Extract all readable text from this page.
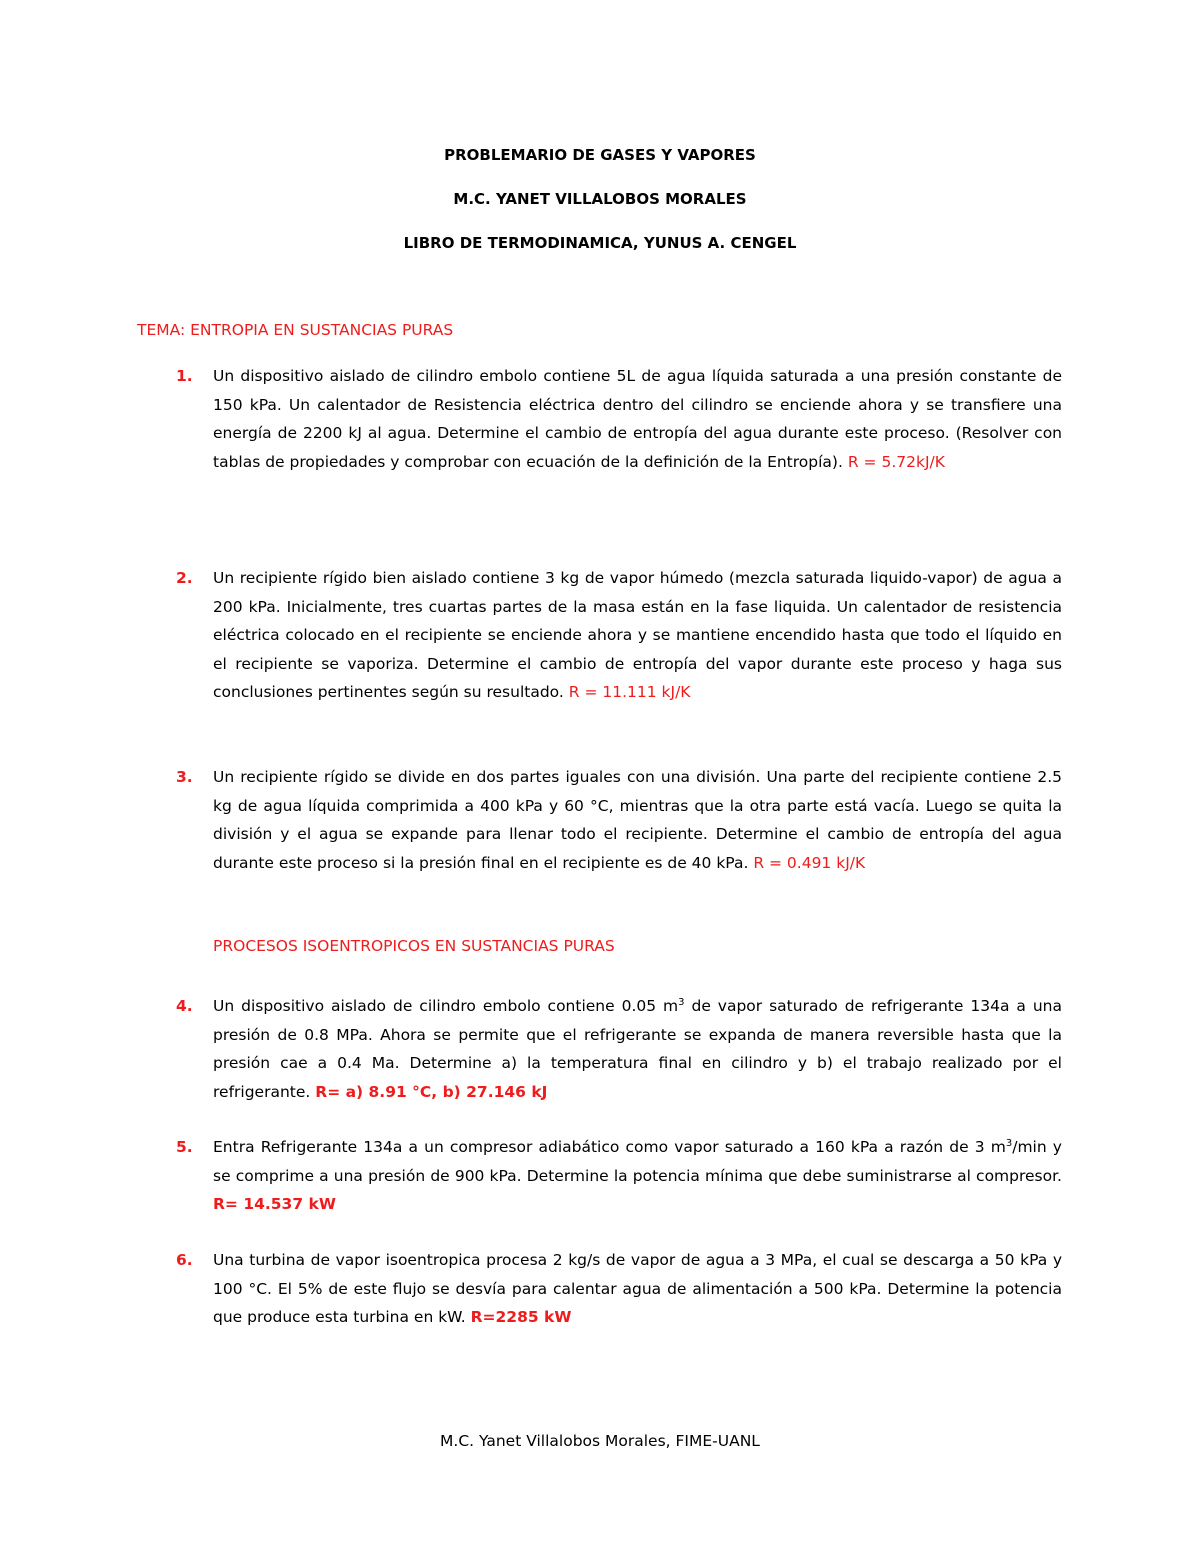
PROBLEMARIO DE GASES Y VAPORES
M.C. YANET VILLALOBOS MORALES
LIBRO DE TERMODINAMICA, YUNUS A. CENGEL
TEMA: ENTROPIA EN SUSTANCIAS PURAS
1. Un dispositivo aislado de cilindro embolo contiene 5L de agua líquida saturada a una presión constante de 150 kPa. Un calentador de Resistencia eléctrica dentro del cilindro se enciende ahora y se transfiere una energía de 2200 kJ al agua. Determine el cambio de entropía del agua durante este proceso. (Resolver con tablas de propiedades y comprobar con ecuación de la definición de la Entropía). R = 5.72kJ/K
2. Un recipiente rígido bien aislado contiene 3 kg de vapor húmedo (mezcla saturada liquido-vapor) de agua a 200 kPa. Inicialmente, tres cuartas partes de la masa están en la fase liquida. Un calentador de resistencia eléctrica colocado en el recipiente se enciende ahora y se mantiene encendido hasta que todo el líquido en el recipiente se vaporiza. Determine el cambio de entropía del vapor durante este proceso y haga sus conclusiones pertinentes según su resultado. R = 11.111 kJ/K
3. Un recipiente rígido se divide en dos partes iguales con una división. Una parte del recipiente contiene 2.5 kg de agua líquida comprimida a 400 kPa y 60 °C, mientras que la otra parte está vacía. Luego se quita la división y el agua se expande para llenar todo el recipiente. Determine el cambio de entropía del agua durante este proceso si la presión final en el recipiente es de 40 kPa. R = 0.491 kJ/K
PROCESOS ISOENTROPICOS EN SUSTANCIAS PURAS
4. Un dispositivo aislado de cilindro embolo contiene 0.05 $m^3$ de vapor saturado de refrigerante 134a a una presión de 0.8 MPa. Ahora se permite que el refrigerante se expanda de manera reversible hasta que la presión cae a 0.4 Ma. Determine a) la temperatura final en cilindro y b) el trabajo realizado por el refrigerante. R= a) 8.91 °C, b) 27.146 kJ
5. Entra Refrigerante 134a a un compresor adiabático como vapor saturado a 160 kPa a razón de 3 $m^3/\min$ y se comprime a una presión de 900 kPa. Determine la potencia mínima que debe suministrarse al compresor. R= 14.537 kW
6. Una turbina de vapor isoentropica procesa 2 kg/s de vapor de agua a 3 MPa, el cual se descarga a 50 kPa y 100 °C. El 5% de este flujo se desvía para calentar agua de alimentación a 500 kPa. Determine la potencia que produce esta turbina en kW. R=2285 kW
M.C. Yanet Villalobos Morales, FIME-UANL
